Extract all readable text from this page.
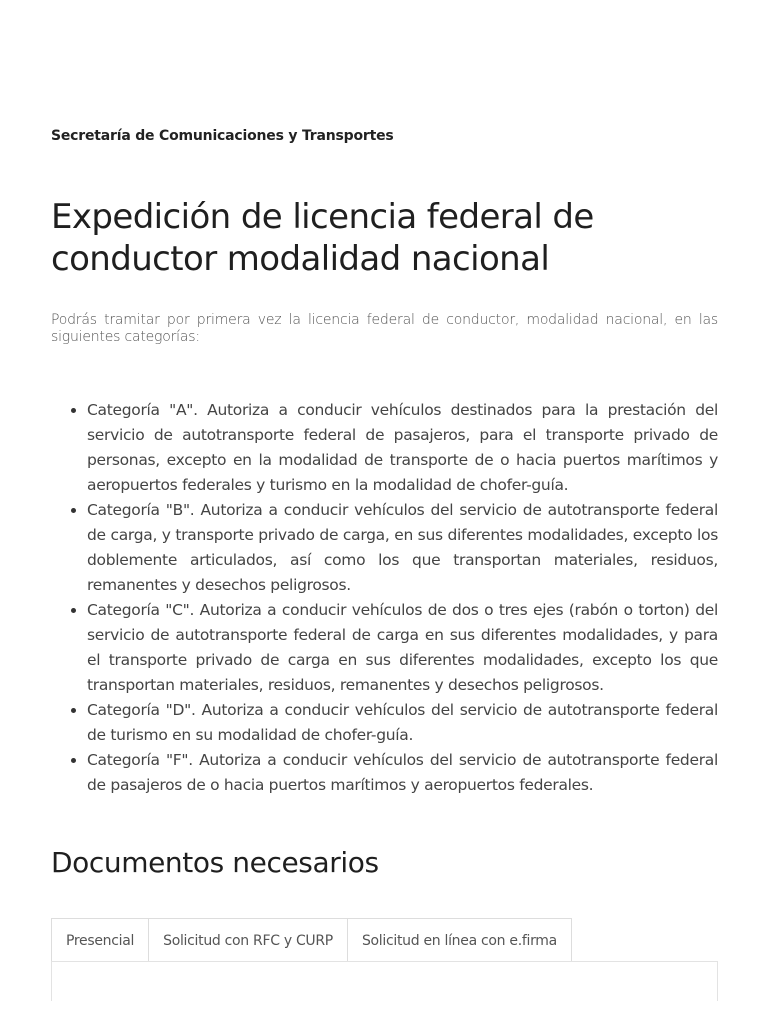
Secretaría de Comunicaciones y Transportes
Expedición de licencia federal de conductor modalidad nacional

Podrás tramitar por primera vez la licencia federal de conductor, modalidad nacional, en las siguientes categorías:

• Categoría "A". Autoriza a conducir vehículos destinados para la prestación del servicio de autotransporte federal de pasajeros, para el transporte privado de personas, excepto en la modalidad de transporte de o hacia puertos marítimos y aeropuertos federales y turismo en la modalidad de chofer-guía.
• Categoría "B". Autoriza a conducir vehículos del servicio de autotransporte federal de carga, y transporte privado de carga, en sus diferentes modalidades, excepto los doblemente articulados, así como los que transportan materiales, residuos, remanentes y desechos peligrosos.
• Categoría "C". Autoriza a conducir vehículos de dos o tres ejes (rabón o torton) del servicio de autotransporte federal de carga en sus diferentes modalidades, y para el transporte privado de carga en sus diferentes modalidades, excepto los que transportan materiales, residuos, remanentes y desechos peligrosos.
• Categoría "D". Autoriza a conducir vehículos del servicio de autotransporte federal de turismo en su modalidad de chofer-guía.
• Categoría "F". Autoriza a conducir vehículos del servicio de autotransporte federal de pasajeros de o hacia puertos marítimos y aeropuertos federales.
Documentos necesarios
Presencial	Solicitud con RFC y CURP	Solicitud en línea con e.firma
